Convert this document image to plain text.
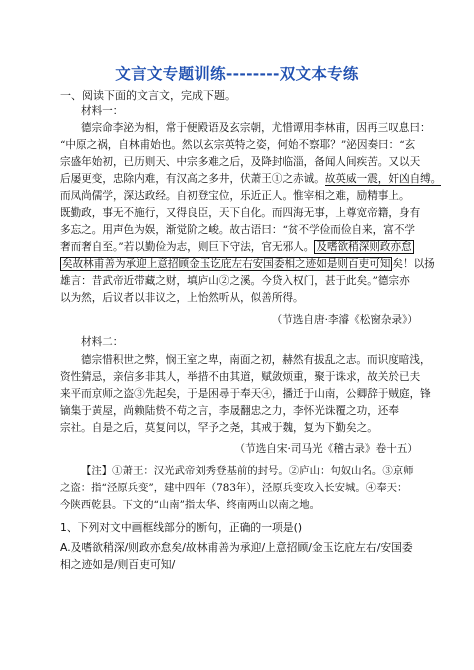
文言文专题训练--------双文本专练
一、阅读下面的文言文，完成下题。
材料一：
德宗命李泌为相，常于便殿语及玄宗朝，尤惜谭用李林甫，因再三叹息曰：
“中原之祸，自林甫始也。然以玄宗英特之姿，何始不察耶？”泌因奏曰：“玄
宗盛年始初，已历则天、中宗多难之后，及降封临淄，备闻人间疾苦。又以天
后屡更变，忠除内难，有汉高之多井，伏萧王①之赤诚。故英威一震，奸凶自缚。
而凤尚儒学，深达政经。自初登宝位，乐近正人。惟宰相之难，励精事上。
既勤政，事无不施行，又得良臣，天下自化。而四海无事，上尊宽帝籍，身有
多忘之。用声色为娱，渐觉阶之峻。故古语曰：“贫不学俭而俭自来，富不学
奢而奢自至。”若以勤俭为志，则巨下守法，官无邪人。 及嗜欲稍深则政亦怠
矣故林甫善为承迎上意招顾金玉讫庇左右安国委相之迹如是则百吏可知 矣！以扬
雄言：昔武帝近带藏之财，填庐山②之溪。今贷入权门，甚于此矣。”德宗亦
以为然，后议者以非议之，上怡然听从，似善所得。
（节选自唐·李濬《松窗杂录》）
材料二：
德宗惜积世之弊，悯王室之卑，南面之初，赫然有拔乱之志。而识度暗浅，
资性猜忌，亲信多非其人，举措不由其道，赋敛烦重，聚于诛求，故关於已夫
来平而京师之盗③先起矣，于是困尋于奉天④，播迁于山南，公卿辞于贼庭，锋
镝集于黄屋，尚赖陆贽不苟之言，李晟翻忠之力，李怀光诛覆之功，还奉
宗社。自是之后，莫复问以，罕予之尧，其戒于魏，复为下勤矣之。
（节选自宋·司马光《稽古录》卷十五）
【注】①萧王：汉光武帝刘秀登基前的封号。②庐山：句奴山名。③京师
之盗：指“泾原兵变”，建中四年（783年），泾原兵变攻入长安城。④奉天：
今陕西乾县。下文的“山南”指太华、终南两山以南之地。
1、下列对文中画框线部分的断句，正确的一项是()
A.及嗜欲稍深/则政亦怠矣/故林甫善为承迎/上意招顾/金玉讫庇左右/安国委
相之迹如是/则百吏可知/
